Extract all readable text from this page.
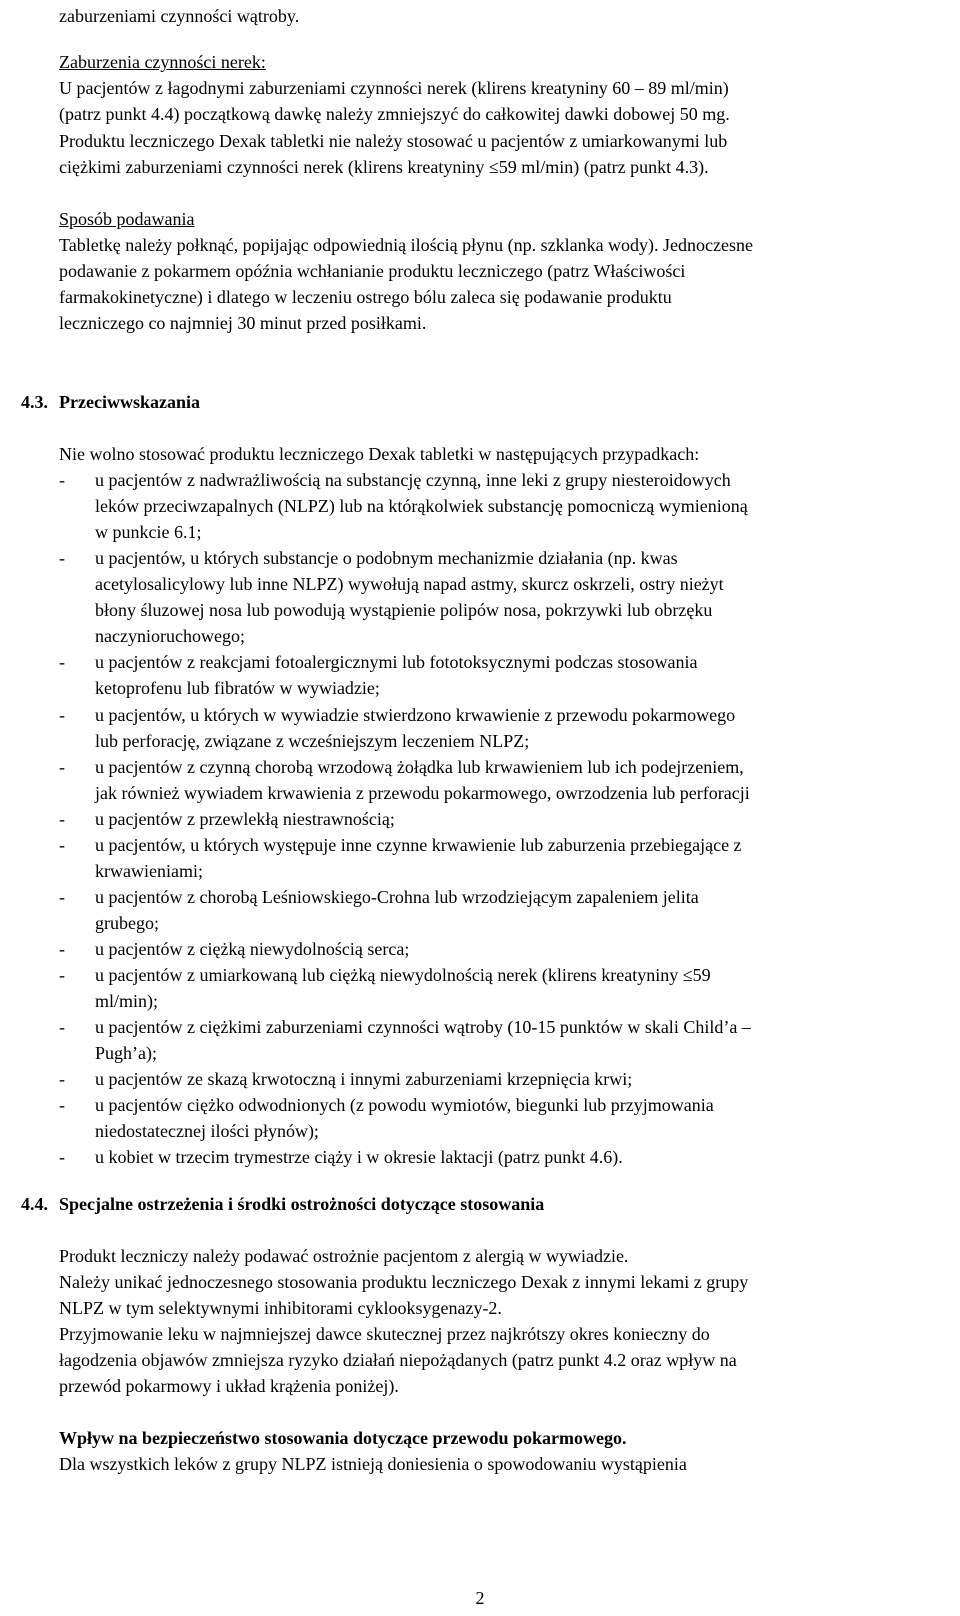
zaburzeniami czynności wątroby.
Zaburzenia czynności nerek:
U pacjentów z łagodnymi zaburzeniami czynności nerek (klirens kreatyniny 60 – 89 ml/min)
(patrz punkt 4.4) początkową dawkę należy zmniejszyć do całkowitej dawki dobowej 50 mg.
Produktu leczniczego Dexak tabletki nie należy stosować u pacjentów z umiarkowanymi lub
ciężkimi zaburzeniami czynności nerek (klirens kreatyniny ≤59 ml/min) (patrz punkt 4.3).
Sposób podawania
Tabletkę należy połknąć, popijając odpowiednią ilością płynu (np. szklanka wody). Jednoczesne
podawanie z pokarmem opóźnia wchłanianie produktu leczniczego (patrz Właściwości
farmakokinetyczne) i dlatego w leczeniu ostrego bólu zaleca się podawanie produktu
leczniczego co najmniej 30 minut przed posiłkami.
4.3. Przeciwwskazania
Nie wolno stosować produktu leczniczego Dexak tabletki w następujących przypadkach:
- u pacjentów z nadwrażliwością na substancję czynną, inne leki z grupy niesteroidowych
leków przeciwzapalnych (NLPZ) lub na którąkolwiek substancję pomocniczą wymienioną
w punkcie 6.1;
- u pacjentów, u których substancje o podobnym mechanizmie działania (np. kwas
acetylosalicylowy lub inne NLPZ) wywołują napad astmy, skurcz oskrzeli, ostry nieżyt
błony śluzowej nosa lub powodują wystąpienie polipów nosa, pokrzywki lub obrzęku
naczynioruchowego;
- u pacjentów z reakcjami fotoalergicznymi lub fototoksycznymi podczas stosowania
ketoprofenu lub fibratów w wywiadzie;
- u pacjentów, u których w wywiadzie stwierdzono krwawienie z przewodu pokarmowego
lub perforację, związane z wcześniejszym leczeniem NLPZ;
- u pacjentów z czynną chorobą wrzodową żołądka lub krwawieniem lub ich podejrzeniem,
jak również wywiadem krwawienia z przewodu pokarmowego, owrzodzenia lub perforacji
- u pacjentów z przewlekłą niestrawnością;
- u pacjentów, u których występuje inne czynne krwawienie lub zaburzenia przebiegające z
krwawieniami;
- u pacjentów z chorobą Leśniowskiego-Crohna lub wrzodziejącym zapaleniem jelita
grubego;
- u pacjentów z ciężką niewydolnością serca;
- u pacjentów z umiarkowaną lub ciężką niewydolnością nerek (klirens kreatyniny ≤59
ml/min);
- u pacjentów z ciężkimi zaburzeniami czynności wątroby (10-15 punktów w skali Child’a –
Pugh’a);
- u pacjentów ze skazą krwotoczną i innymi zaburzeniami krzepnięcia krwi;
- u pacjentów ciężko odwodnionych (z powodu wymiotów, biegunki lub przyjmowania
niedostatecznej ilości płynów);
- u kobiet w trzecim trymestrze ciąży i w okresie laktacji (patrz punkt 4.6).
4.4. Specjalne ostrzeżenia i środki ostrożności dotyczące stosowania
Produkt leczniczy należy podawać ostrożnie pacjentom z alergią w wywiadzie.
Należy unikać jednoczesnego stosowania produktu leczniczego Dexak z innymi lekami z grupy
NLPZ w tym selektywnymi inhibitorami cyklooksygenazy-2.
Przyjmowanie leku w najmniejszej dawce skutecznej przez najkrótszy okres konieczny do
łagodzenia objawów zmniejsza ryzyko działań niepożądanych (patrz punkt 4.2 oraz wpływ na
przewód pokarmowy i układ krążenia poniżej).
Wpływ na bezpieczeństwo stosowania dotyczące przewodu pokarmowego.
Dla wszystkich leków z grupy NLPZ istnieją doniesienia o spowodowaniu wystąpienia
2
